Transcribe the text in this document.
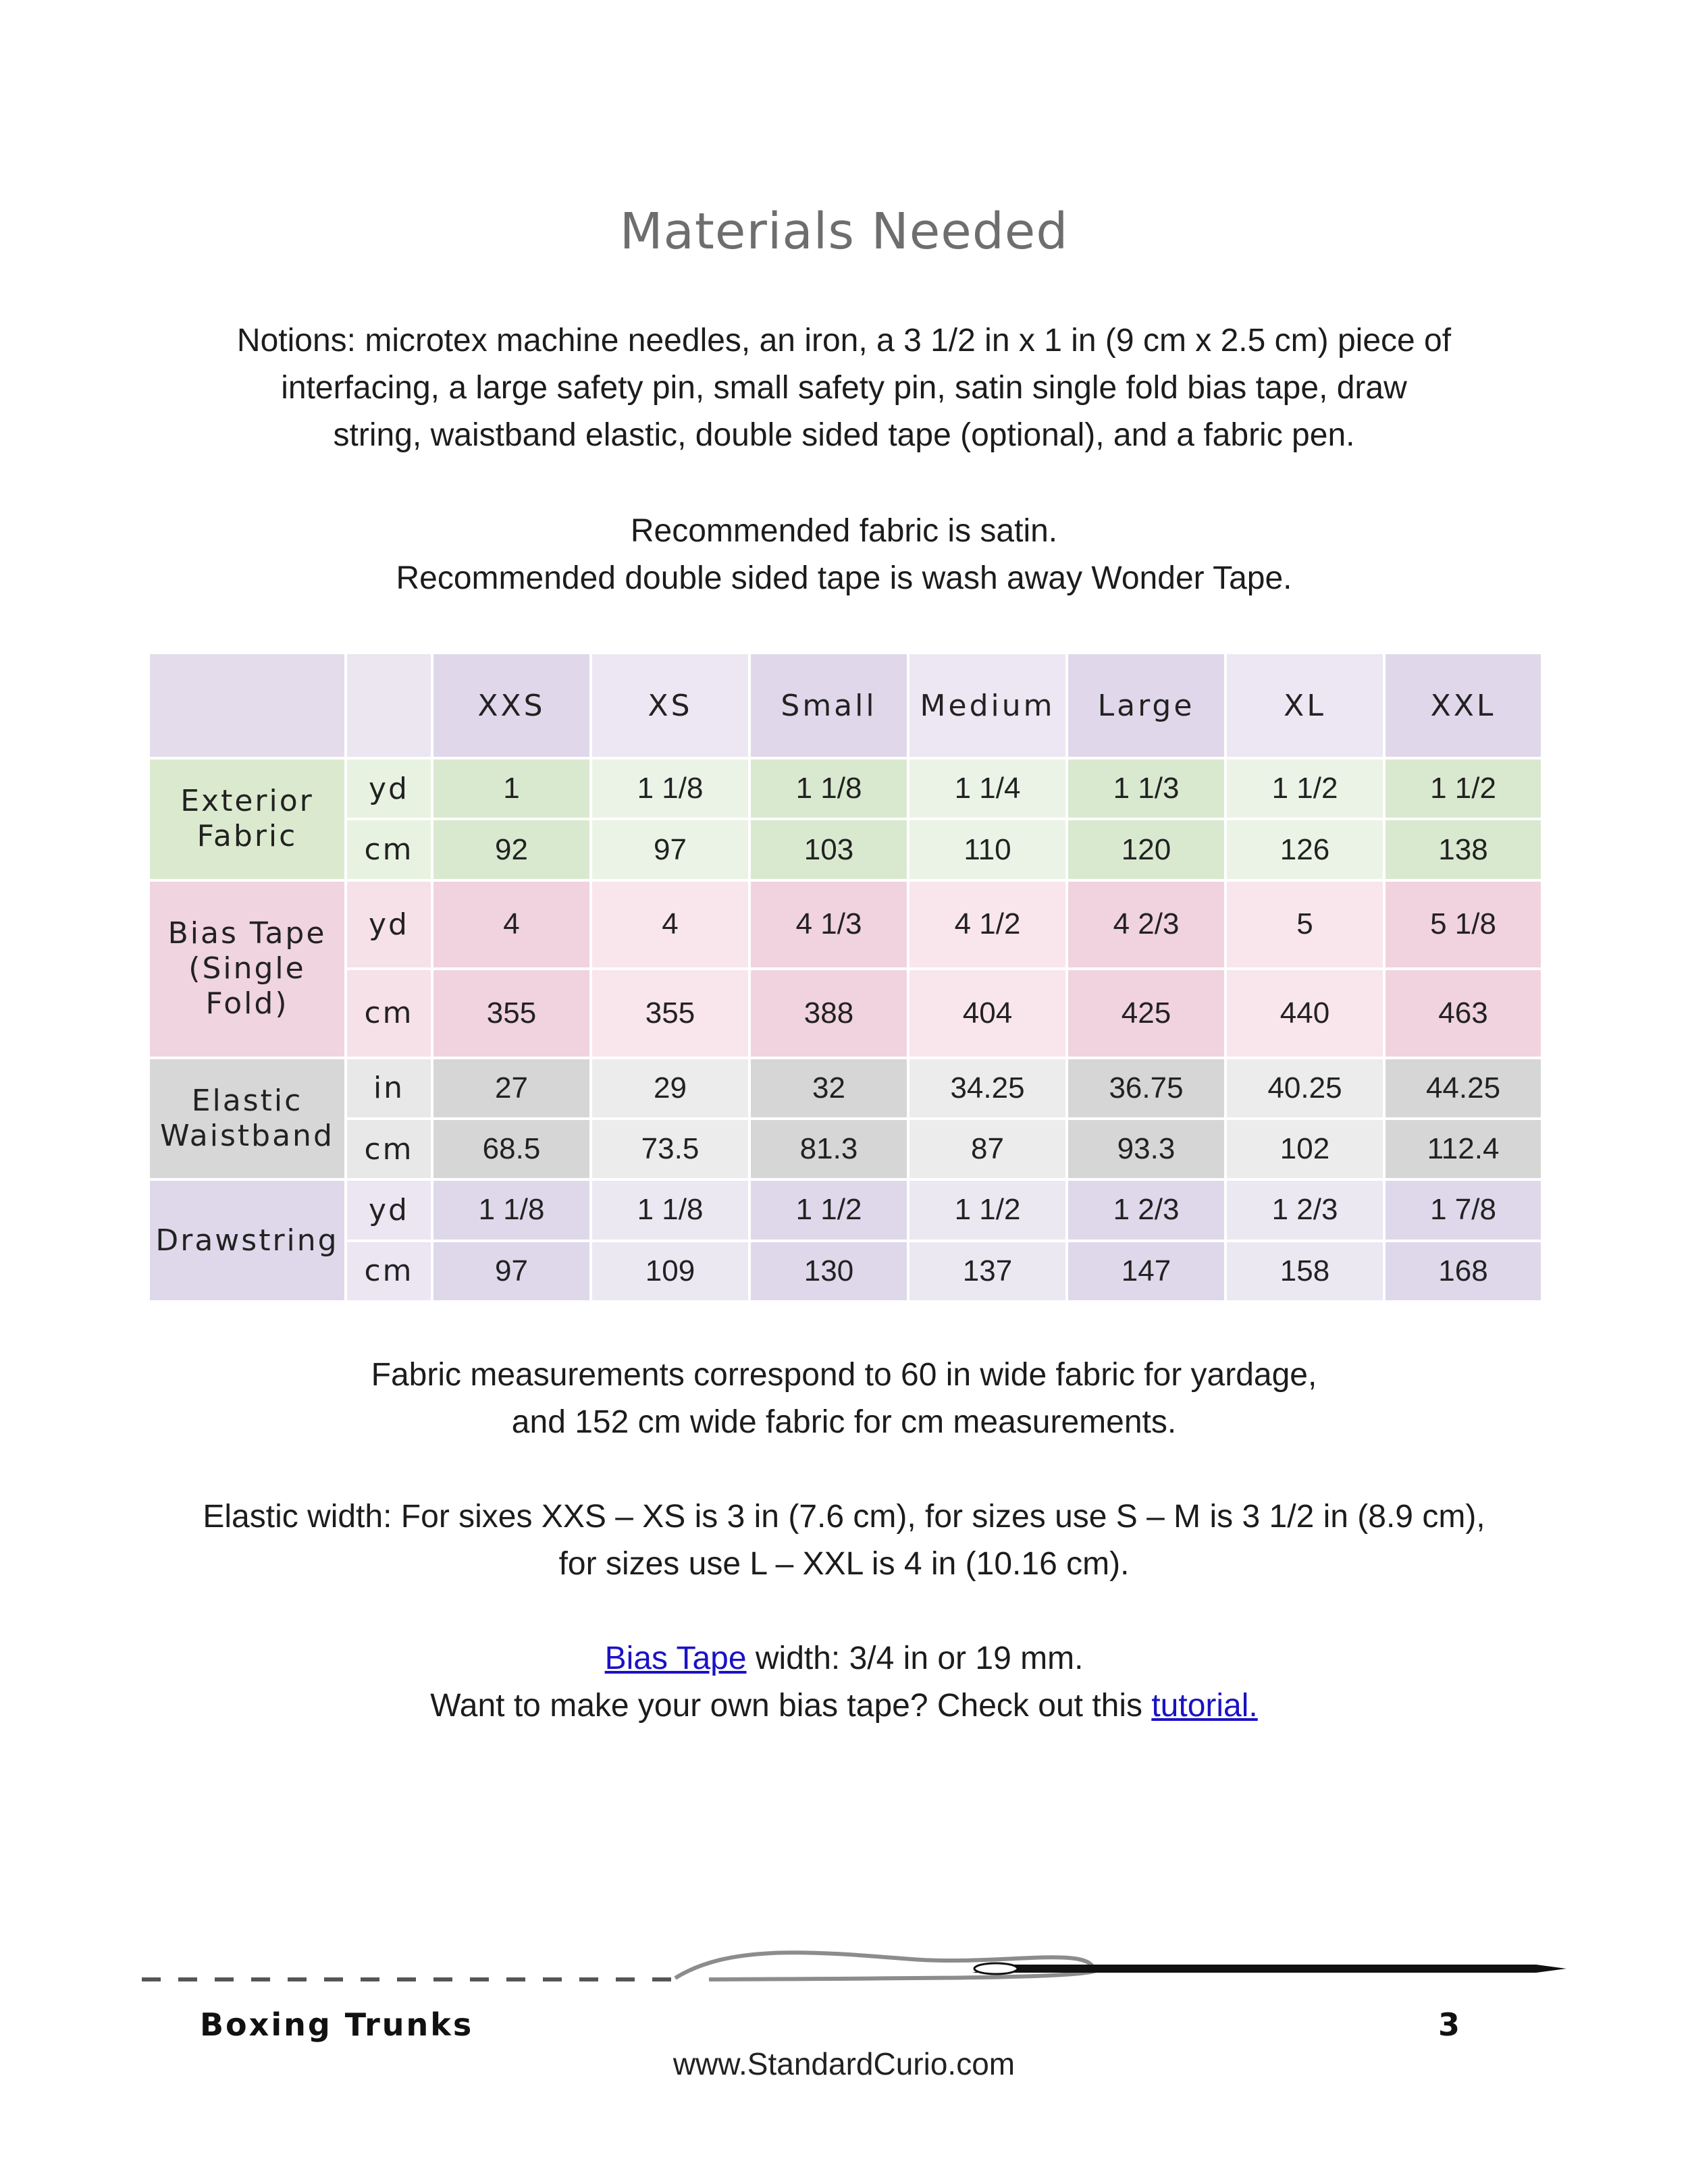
Materials Needed
Notions: microtex machine needles, an iron, a 3 1/2 in x 1 in (9 cm x 2.5 cm) piece of
interfacing, a large safety pin, small safety pin, satin single fold bias tape, draw
string, waistband elastic, double sided tape (optional), and a fabric pen.
Recommended fabric is satin.
Recommended double sided tape is wash away Wonder Tape.
		XXS	XS	Small	Medium	Large	XL	XXL

Exterior
Fabric	yd	1	1 1/8	1 1/8	1 1/4	1 1/3	1 1/2	1 1/2
	cm	92	97	103	110	120	126	138

Bias Tape
(Single
Fold)	yd	4	4	4 1/3	4 1/2	4 2/3	5	5 1/8
	cm	355	355	388	404	425	440	463

Elastic
Waistband	in	27	29	32	34.25	36.75	40.25	44.25
	cm	68.5	73.5	81.3	87	93.3	102	112.4

Drawstring	yd	1 1/8	1 1/8	1 1/2	1 1/2	1 2/3	1 2/3	1 7/8
	cm	97	109	130	137	147	158	168
Fabric measurements correspond to 60 in wide fabric for yardage,
and 152 cm wide fabric for cm measurements.
Elastic width: For sixes XXS – XS is 3 in (7.6 cm), for sizes use S – M is 3 1/2 in (8.9 cm),
for sizes use L – XXL is 4 in (10.16 cm).
Bias Tape width: 3/4 in or 19 mm.
Want to make your own bias tape? Check out this tutorial.
Boxing Trunks	3
www.StandardCurio.com
